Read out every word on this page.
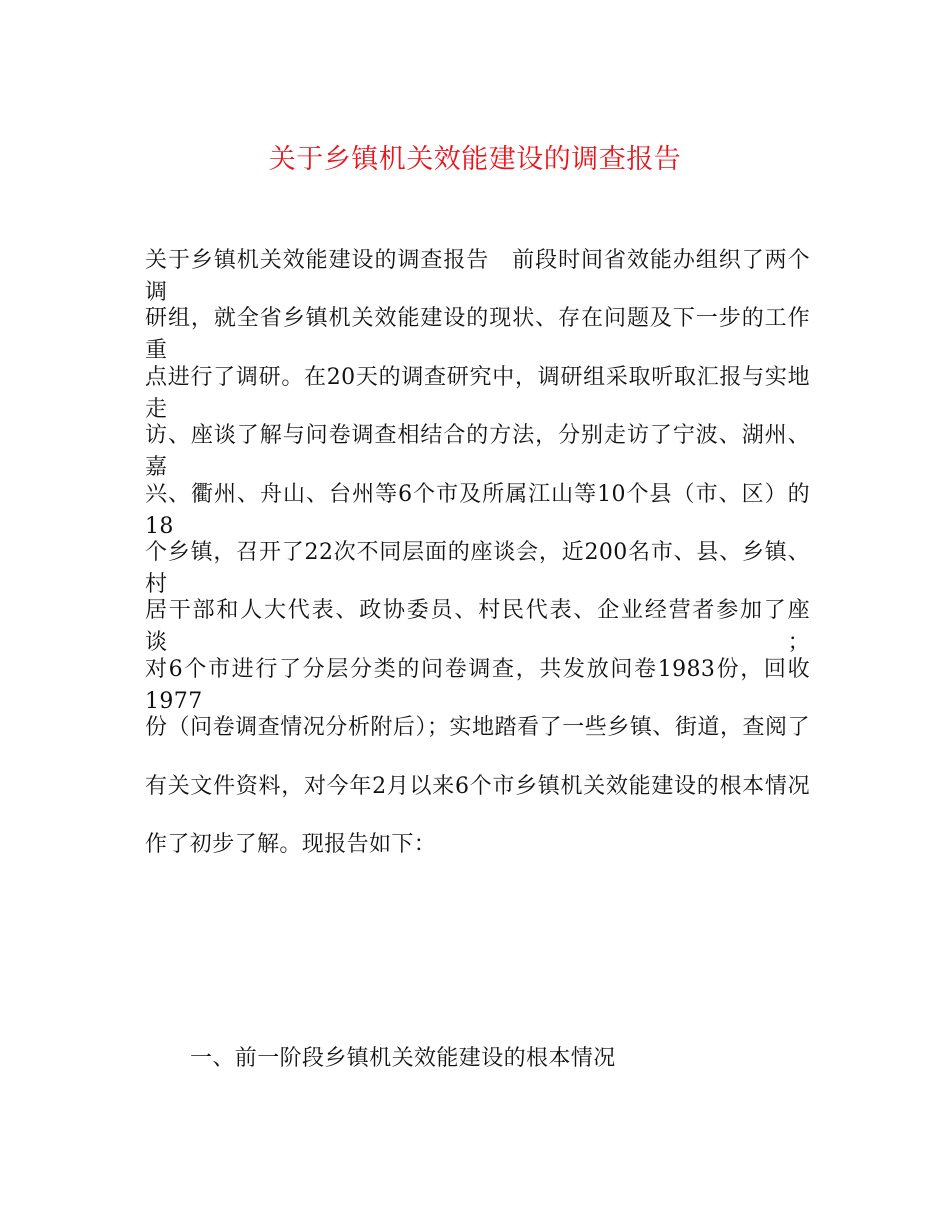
关于乡镇机关效能建设的调查报告
关于乡镇机关效能建设的调查报告　前段时间省效能办组织了两个调
研组，就全省乡镇机关效能建设的现状、存在问题及下一步的工作重
点进行了调研。在20天的调查研究中，调研组采取听取汇报与实地走
访、座谈了解与问卷调查相结合的方法，分别走访了宁波、湖州、嘉
兴、衢州、舟山、台州等6个市及所属江山等10个县（市、区）的18
个乡镇，召开了22次不同层面的座谈会，近200名市、县、乡镇、村
居干部和人大代表、政协委员、村民代表、企业经营者参加了座谈；
对6个市进行了分层分类的问卷调查，共发放问卷1983份，回收1977
份（问卷调查情况分析附后）；实地踏看了一些乡镇、街道，查阅了
有关文件资料，对今年2月以来6个市乡镇机关效能建设的根本情况
作了初步了解。现报告如下：
一、前一阶段乡镇机关效能建设的根本情况
